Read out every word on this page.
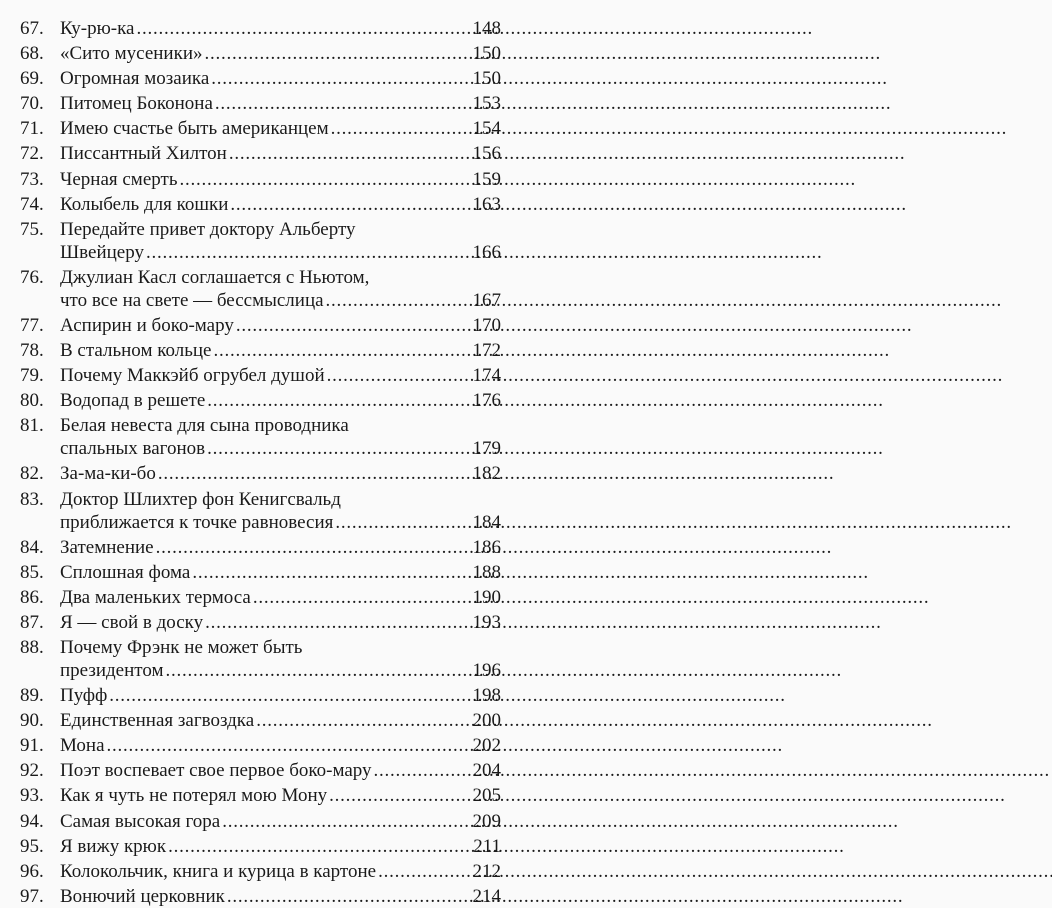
67. Ку-рю-ка . . .	148
68. «Сито мусеники» . . .	150
69. Огромная мозаика . . .	150
70. Питомец Боконона . . .	153
71. Имею счастье быть американцем . . .	154
72. Писсантный Хилтон . . .	156
73. Черная смерть . . .	159
74. Колыбель для кошки . . .	163
75. Передайте привет доктору Альберту
Швейцеру . . .	166
76. Джулиан Касл соглашается с Ньютом,
что все на свете — бессмыслица . . .	167
77. Аспирин и боко-мару . . .	170
78. В стальном кольце . . .	172
79. Почему Маккэйб огрубел душой . . .	174
80. Водопад в решете . . .	176
81. Белая невеста для сына проводника
спальных вагонов . . .	179
82. За-ма-ки-бо . . .	182
83. Доктор Шлихтер фон Кенигсвальд
приближается к точке равновесия . . .	184
84. Затемнение . . .	186
85. Сплошная фома . . .	188
86. Два маленьких термоса . . .	190
87. Я — свой в доску . . .	193
88. Почему Фрэнк не может быть
президентом . . .	196
89. Пуфф . . .	198
90. Единственная загвоздка . . .	200
91. Мона . . .	202
92. Поэт воспевает свое первое боко-мару . . .	204
93. Как я чуть не потерял мою Мону . . .	205
94. Самая высокая гора . . .	209
95. Я вижу крюк . . .	211
96. Колокольчик, книга и курица в картоне . . .	212
97. Вонючий церковник . . .	214
